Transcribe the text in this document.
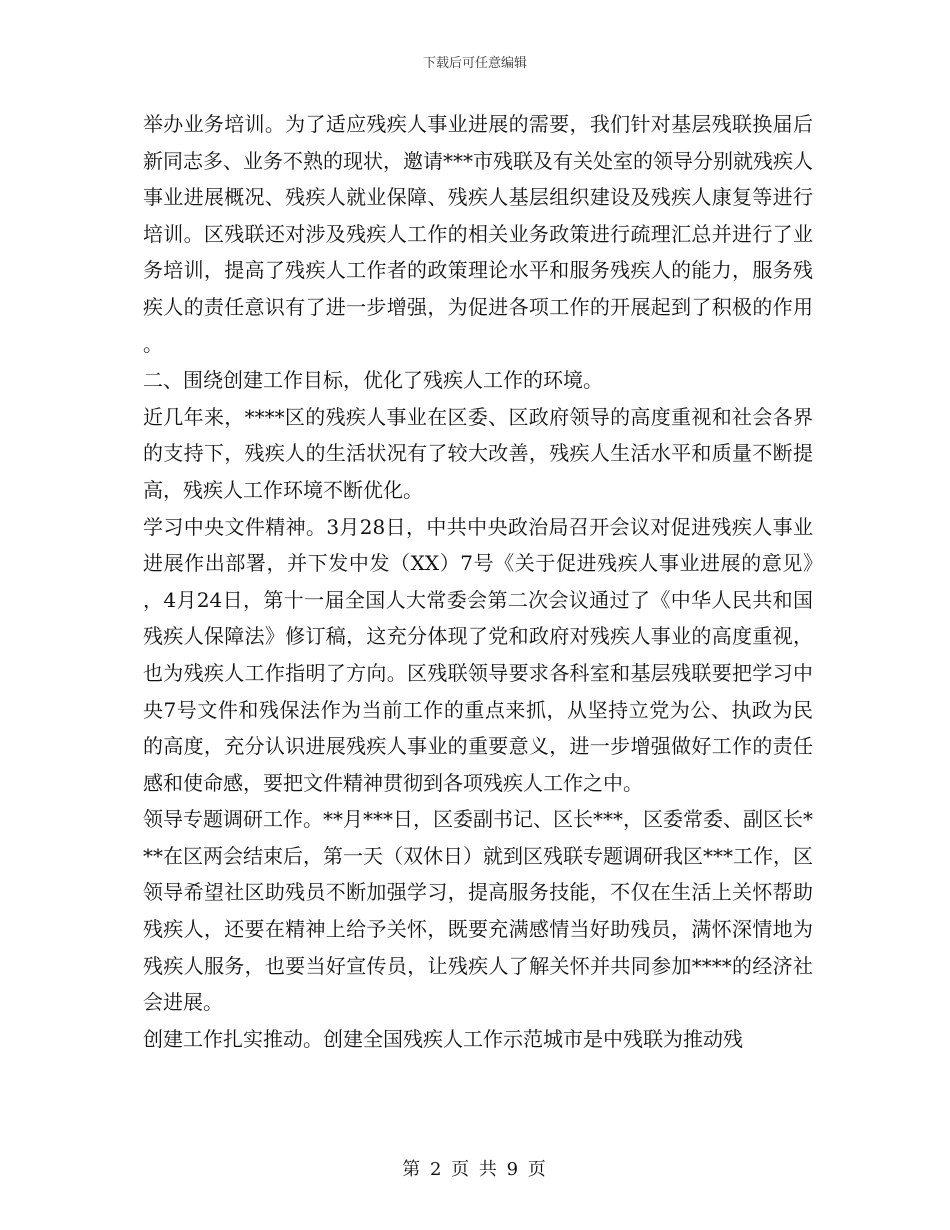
下载后可任意编辑

举办业务培训。为了适应残疾人事业进展的需要，我们针对基层残联换届后新同志多、业务不熟的现状，邀请***市残联及有关处室的领导分别就残疾人事业进展概况、残疾人就业保障、残疾人基层组织建设及残疾人康复等进行培训。区残联还对涉及残疾人工作的相关业务政策进行疏理汇总并进行了业务培训，提高了残疾人工作者的政策理论水平和服务残疾人的能力，服务残疾人的责任意识有了进一步增强，为促进各项工作的开展起到了积极的作用。

二、围绕创建工作目标，优化了残疾人工作的环境。

近几年来，****区的残疾人事业在区委、区政府领导的高度重视和社会各界的支持下，残疾人的生活状况有了较大改善，残疾人生活水平和质量不断提高，残疾人工作环境不断优化。

学习中央文件精神。3月28日，中共中央政治局召开会议对促进残疾人事业进展作出部署，并下发中发（XX）7号《关于促进残疾人事业进展的意见》，4月24日，第十一届全国人大常委会第二次会议通过了《中华人民共和国残疾人保障法》修订稿，这充分体现了党和政府对残疾人事业的高度重视，也为残疾人工作指明了方向。区残联领导要求各科室和基层残联要把学习中央7号文件和残保法作为当前工作的重点来抓，从坚持立党为公、执政为民的高度，充分认识进展残疾人事业的重要意义，进一步增强做好工作的责任感和使命感，要把文件精神贯彻到各项残疾人工作之中。

领导专题调研工作。**月***日，区委副书记、区长***，区委常委、副区长***在区两会结束后，第一天（双休日）就到区残联专题调研我区***工作，区领导希望社区助残员不断加强学习，提高服务技能，不仅在生活上关怀帮助残疾人，还要在精神上给予关怀，既要充满感情当好助残员，满怀深情地为残疾人服务，也要当好宣传员，让残疾人了解关怀并共同参加****的经济社会进展。

创建工作扎实推动。创建全国残疾人工作示范城市是中残联为推动残

第 2 页 共 9 页
